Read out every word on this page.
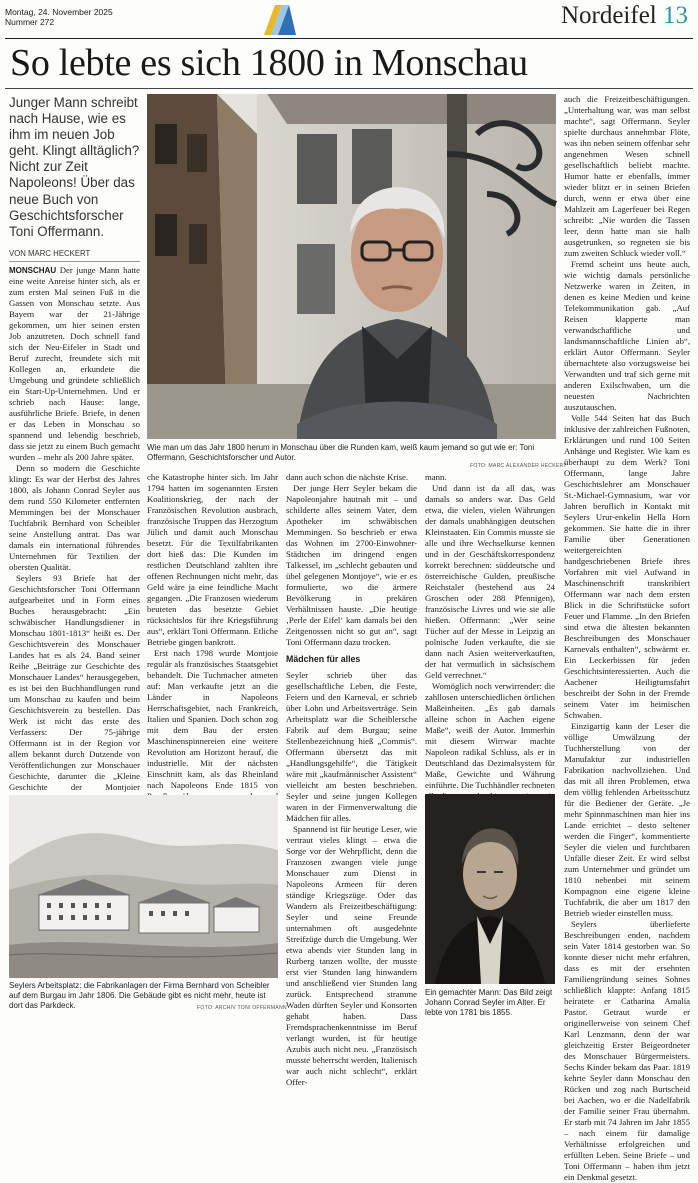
Montag, 24. November 2025
Nummer 272	Nordeifel 13
So lebte es sich 1800 in Monschau
Junger Mann schreibt nach Hause, wie es ihm im neuen Job geht. Klingt alltäglich? Nicht zur Zeit Napoleons! Über das neue Buch von Geschichtsforscher Toni Offermann.
VON MARC HECKERT

MONSCHAU Der junge Mann hatte eine weite Anreise hinter sich, als er zum ersten Mal seinen Fuß in die Gassen von Monschau setzte. Aus Bayern war der 21-Jährige gekommen, um hier seinen ersten Job anzutreten. Doch schnell fand sich der Neu-Eifeler in Stadt und Beruf zurecht, freundete sich mit Kollegen an, erkundete die Umgebung und gründete schließlich ein Start-Up-Unternehmen. Und er schrieb nach Hause: lange, ausführliche Briefe. Briefe, in denen er das Leben in Monschau so spannend und lebendig beschrieb, dass sie jetzt zu einem Buch gemacht wurden – mehr als 200 Jahre später.

Denn so modern die Geschichte klingt: Es war der Herbst des Jahres 1800, als Johann Conrad Seyler aus dem rund 550 Kilometer entfernten Memmingen bei der Monschauer Tuchfabrik Bernhard von Scheibler seine Anstellung antrat. Das war damals ein international führendes Unternehmen für Textilien der obersten Qualität.

Seylers 93 Briefe hat der Geschichtsforscher Toni Offermann aufgearbeitet und in Form eines Buches herausgebracht: „Ein schwäbischer Handlungsdiener in Monschau 1801-1813“ heißt es. Der Geschichtsverein des Monschauer Landes hat es als 24. Band seiner Reihe „Beiträge zur Geschichte des Monschauer Landes“ herausgegeben, es ist bei den Buchhandlungen rund um Monschau zu kaufen und beim Geschichtsverein zu bestellen. Das Werk ist nicht das erste des Verfassers: Der 75-jährige Offermann ist in der Region vor allem bekannt durch Dutzende von Veröffentlichungen zur Monschauer Geschichte, darunter die „Kleine Geschichte der Montjoier

Wie man um das Jahr 1800 herum in Monschau über die Runden kam, weiß kaum jemand so gut wie er: Toni Offermann, Geschichtsforscher und Autor.
FOTO: MARC ALEXANDER HECKERT

che Katastrophe hinter sich. Im Jahr 1794 hatten im sogenannten Ersten Koalitionskrieg, der nach der Französischen Revolution ausbrach, französische Truppen das Herzogtum Jülich und damit auch Monschau besetzt. Für die Textilfabrikanten dort hieß das: Die Kunden im restlichen Deutschland zahlten ihre offenen Rechnungen nicht mehr, das Geld wäre ja eine feindliche Macht gegangen. „Die Franzosen wiederum beuteten das besetzte Gebiet rücksichtslos für ihre Kriegsführung aus“, erklärt Toni Offermann. Etliche Betriebe gingen bankrott.

Erst nach 1798 wurde Montjoie regulär als französisches Staatsgebiet behandelt. Die Tuchmacher atmeten auf: Man verkaufte jetzt an die Länder in Napoleons Herrschaftsgebiet, nach Frankreich, Italien und Spanien. Doch schon zog mit dem Bau der ersten Maschinenspinnereien eine weitere Revolution am Horizont herauf, die industrielle. Mit der nächsten Einschnitt kam, als das Rheinland nach Napoleons Ende 1815 von

dann auch schon die nächste Krise.

Der junge Herr Seyler bekam die Napoleonjahre hautnah mit – und schilderte alles seinem Vater, dem Apotheker im schwäbischen Memmingen. So beschrieb er etwa das Wohnen im 2700-Einwohner-Städtchen im dringend engen Talkessel, im „schlecht gebauten und übel gelegenen Montjoye“, wie er es formulierte, wo die ärmere Bevölkerung in prekären Verhältnissen hauste. „Die heutige ‚Perle der Eifel‘ kam damals bei den Zeitgenossen nicht so gut an“, sagt Toni Offermann dazu trocken.

Mädchen für alles

Seyler schrieb über das gesellschaftliche Leben, die Feste, Feiern und den Karneval, er schrieb über Lohn und Arbeitsverträge. Sein Arbeitsplatz war die Scheiblersche Fabrik auf dem Burgau; seine Stellenbezeichnung hieß „Commis“. Offermann übersetzt das mit „Handlungsgehilfe“, die Tätigkeit wäre mit „kaufmännischer Assistent“ vielleicht am besten beschrieben. Seyler und seine jungen Kollegen waren in der Firmenverwaltung die Mädchen für alles.

Spannend ist für heutige Leser, wie vertraut vieles klingt – etwa die Sorge vor der Wehrpflicht, denn die Franzosen zwangen viele junge Monschauer zum Dienst in Napoleons Armeen für deren ständige Kriegszüge. Oder das Wandern als Freizeitbeschäftigung: Seyler und seine Freunde unternahmen oft ausgedehnte Streifzüge durch die Umgebung. Wer etwa abends vier Stunden lang in Rurberg tanzen wollte, der musste erst vier Stunden lang hinwandern und anschließend vier Stunden lang zurück. Entsprechend stramme Waden dürften Seyler und Konsorten gehabt haben. Dass Fremdsprachenkenntnisse im Beruf verlangt wurden, ist für heutige Azubis auch nicht neu. „Französisch musste beherrscht werden, Italienisch war auch nicht schlecht“, erklärt Offer-

mann.

Und dann ist da all das, was damals so anders war. Das Geld etwa, die vielen, vielen Währungen der damals unabhängigen deutschen Kleinstaaten. Ein Commis musste sie alle und ihre Wechselkurse kennen und in der Geschäftskorrespondenz korrekt berechnen: süddeutsche und österreichische Gulden, preußische Reichstaler (bestehend aus 24 Groschen oder 288 Pfennigen), französische Livres und wie sie alle hießen. Offermann: „Wer seine Tücher auf der Messe in Leipzig an polnische Juden verkaufte, die sie dann nach Asien weiterverkauften, der hat vermutlich in sächsischem Geld verrechnet.“

Womöglich noch verwirrender: die zahllosen unterschiedlichen örtlichen Maßeinheiten. „Es gab damals alleine schon in Aachen eigene Maße“, weiß der Autor. Immerhin mit diesem Wirrwar machte Napoleon radikal Schluss, als er in Deutschland das Dezimalsystem für Maße, Gewichte und Währung einführte. Die Tuchhändler rechneten

auch die Freizeitbeschäftigungen. „Unterhaltung war, was man selbst machte“, sagt Offermann. Seyler spielte durchaus annehmbar Flöte, was ihn neben seinem offenbar sehr angenehmen Wesen schnell gesellschaftlich beliebt machte. Humor hatte er ebenfalls, immer wieder blitzt er in seinen Briefen durch, wenn er etwa über eine Mahlzeit am Lagerfeuer bei Regen schreibt: „Nie wurden die Tassen leer, denn hatte man sie halb ausgetrunken, so regneten sie bis zum zweiten Schluck wieder voll.“

Fremd scheint uns heute auch, wie wichtig damals persönliche Netzwerke waren in Zeiten, in denen es keine Medien und keine Telekommunikation gab. „Auf Reisen klapperte man verwandschaftliche und landsmannschaftliche Linien ab“, erklärt Autor Offermann. Seyler übernachtete also vorzugsweise bei Verwandten und traf sich gerne mit anderen Exilschwaben, um die neuesten Nachrichten auszutauschen.

Volle 544 Seiten hat das Buch inklusive der zahlreichen Fußnoten, Erklärungen und rund 100 Seiten Anhänge und Register. Wie kam es überhaupt zu dem Werk? Toni Offermann, lange Jahre Geschichtslehrer am Monschauer St.-Michael-Gymnasium, war vor Jahren beruflich in Kontakt mit Seylers Urur-enkelin Hella Horn gekommen. Sie hatte die in ihrer Familie über Generationen weitergereichten handgeschriebenen Briefe ihres Vorfahren mit viel Aufwand in Maschinenschrift transkribiert Offermann war nach dem ersten Blick in die Schriftstücke sofort Feuer und Flamme. „In den Briefen sind etwa die ältesten bekannten Beschreibungen des Monschauer Karnevals enthalten“, schwärmt er. Ein Leckerbissen für jeden Geschichtsinteressierten. Auch die Aachener Heiligtumsfahrt beschreibt der Sohn in der Fremde seinem Vater im heimischen Schwaben.

Einzigartig kann der Leser die völlige Umwälzung der Tuchherstellung von der Manufaktur zur industriellen Fabrikation nachvollziehen. Und das mit all ihren Problemen, etwa dem völlig fehlenden Arbeitsschutz für die Bediener der Geräte. „Je mehr Spinnmaschinen man hier ins Lande errichtet – desto seltener werden die Finger“, kommentierte Seyler die vielen und furchtbaren Unfälle dieser Zeit. Er wird selbst zum Unternehmer und gründet um 1810 nebenbei mit seinem Kompagnon eine eigene kleine Tuchfabrik, die aber um 1817 den Betrieb wieder einstellen muss.

Seylers überlieferte Beschreibungen enden, nachdem sein Vater 1814 gestorben war. So konnte dieser nicht mehr erfahren, dass es mit der ersehnten Familiengründung seines Sohnes schließlich klappte: Anfang 1815 heiratete er Catharina Amalia Pastor. Getraut wurde er originellerweise von seinem Chef Karl Lenzmann, denn der war gleichzeitig Erster Beigeordneter des Monschauer Bürgermeisters. Sechs Kinder bekam das Paar. 1819 kehrte Seyler dann Monschau den Rücken und zog nach Burtscheid bei Aachen, wo er die Nadelfabrik der Familie seiner Frau übernahm. Er starb mit 74 Jahren im Jahr 1855 – nach einem für damalige Verhältnisse erfolgreichen und erfüllten Leben. Seine Briefe – und Toni Offermann – haben ihm jetzt ein Denkmal gesetzt.

Seylers Arbeitsplatz: die Fabrikanlagen der Firma Bernhard von Scheibler auf dem Burgau im Jahr 1806. Die Gebäude gibt es nicht mehr, heute ist dort das Parkdeck.	FOTO: ARCHIV TONI OFFERMANN
Ein gemachter Mann: Das Bild zeigt Johann Conrad Seyler im Alter. Er lebte von 1781 bis 1855.
